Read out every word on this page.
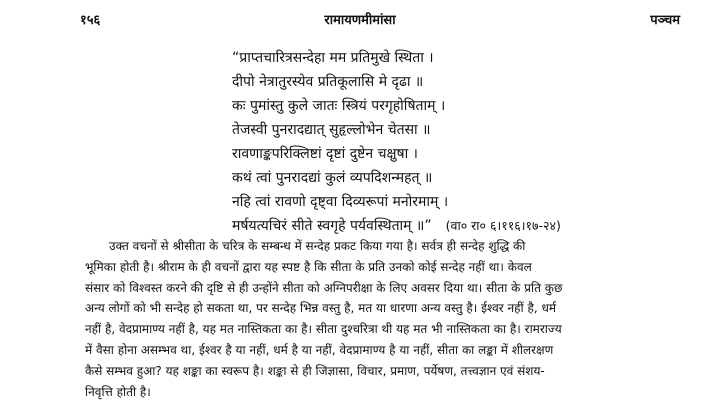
१५६	रामायणमीमांसा	पञ्चम
“प्राप्तचारित्रसन्देहा मम प्रतिमुखे स्थिता ।
दीपो नेत्रातुरस्येव प्रतिकूलासि मे दृढा ॥
कः पुमांस्तु कुले जातः स्त्रियं परगृहोषिताम् ।
तेजस्वी पुनरादद्यात् सुहृल्लोभेन चेतसा ॥
रावणाङ्कपरिक्लिष्टां दृष्टां दुष्टेन चक्षुषा ।
कथं त्वां पुनरादद्यां कुलं व्यपदिशन्महत् ॥
नहि त्वां रावणो दृष्ट्वा दिव्यरूपां मनोरमाम् ।
मर्षयत्यचिरं सीते स्वगृहे पर्यवस्थिताम् ॥” (वा० रा० ६।११६।१७-२४)
उक्त वचनों से श्रीसीता के चरित्र के सम्बन्ध में सन्देह प्रकट किया गया है। सर्वत्र ही सन्देह शुद्धि की
भूमिका होती है। श्रीराम के ही वचनों द्वारा यह स्पष्ट है कि सीता के प्रति उनको कोई सन्देह नहीं था। केवल
संसार को विश्वस्त करने की दृष्टि से ही उन्होंने सीता को अग्निपरीक्षा के लिए अवसर दिया था। सीता के प्रति कुछ
अन्य लोगों को भी सन्देह हो सकता था, पर सन्देह भिन्न वस्तु है, मत या धारणा अन्य वस्तु है। ईश्वर नहीं है, धर्म
नहीं है, वेदप्रामाण्य नहीं है, यह मत नास्तिकता का है। सीता दुश्चरित्रा थी यह मत भी नास्तिकता का है। रामराज्य
में वैसा होना असम्भव था, ईश्वर है या नहीं, धर्म है या नहीं, वेदप्रामाण्य है या नहीं, सीता का लङ्का में शीलरक्षण
कैसे सम्भव हुआ? यह शङ्का का स्वरूप है। शङ्का से ही जिज्ञासा, विचार, प्रमाण, पर्येषण, तत्त्वज्ञान एवं संशय-
निवृत्ति होती है।
